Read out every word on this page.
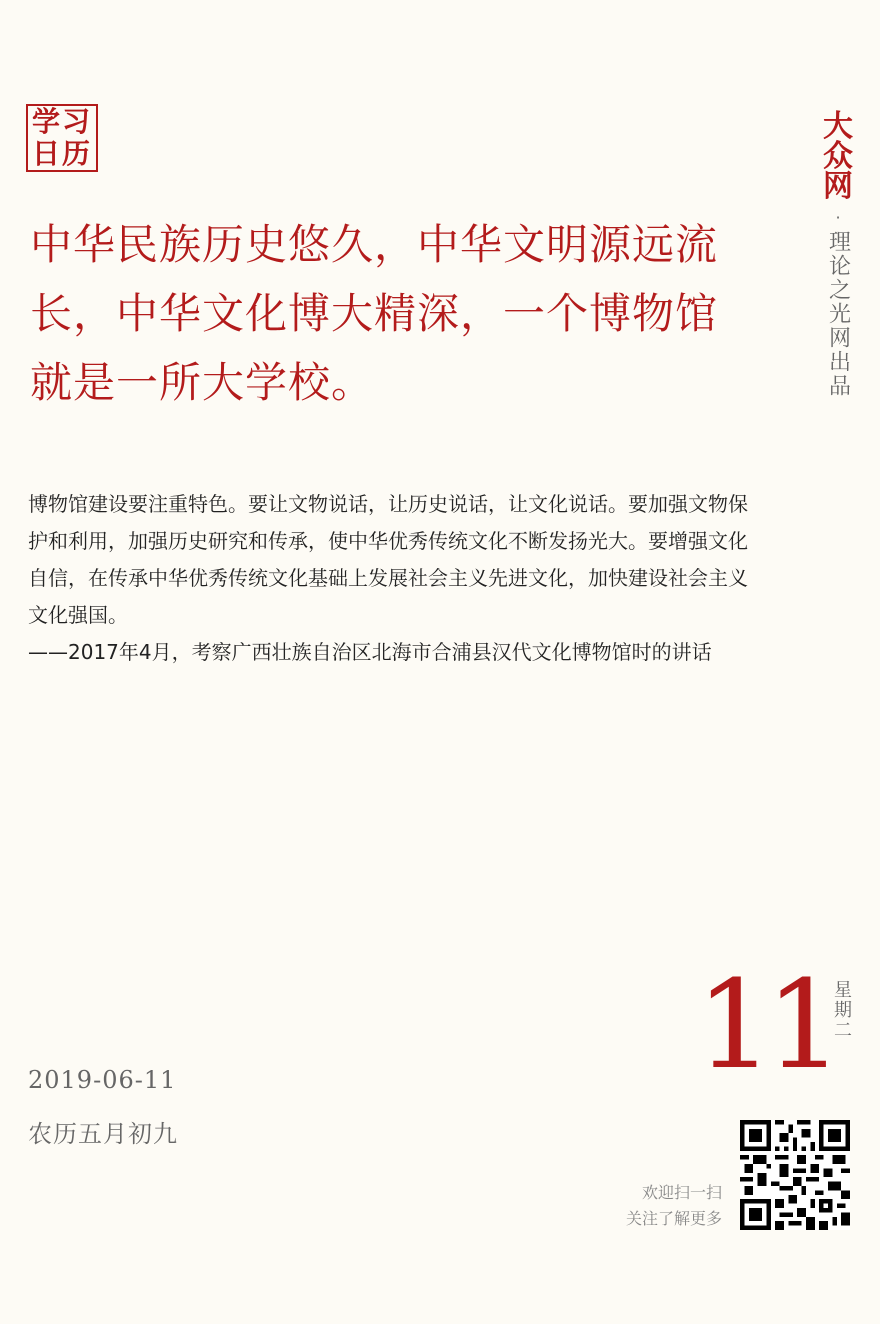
学习
日历
大众网
·
理论之光网出品
中华民族历史悠久，中华文明源远流长，中华文化博大精深，一个博物馆就是一所大学校。

博物馆建设要注重特色。要让文物说话，让历史说话，让文化说话。要加强文物保护和利用，加强历史研究和传承，使中华优秀传统文化不断发扬光大。要增强文化自信，在传承中华优秀传统文化基础上发展社会主义先进文化，加快建设社会主义文化强国。

——2017年4月，考察广西壮族自治区北海市合浦县汉代文化博物馆时的讲话

11
星期二
2019-06-11
农历五月初九
欢迎扫一扫
关注了解更多
